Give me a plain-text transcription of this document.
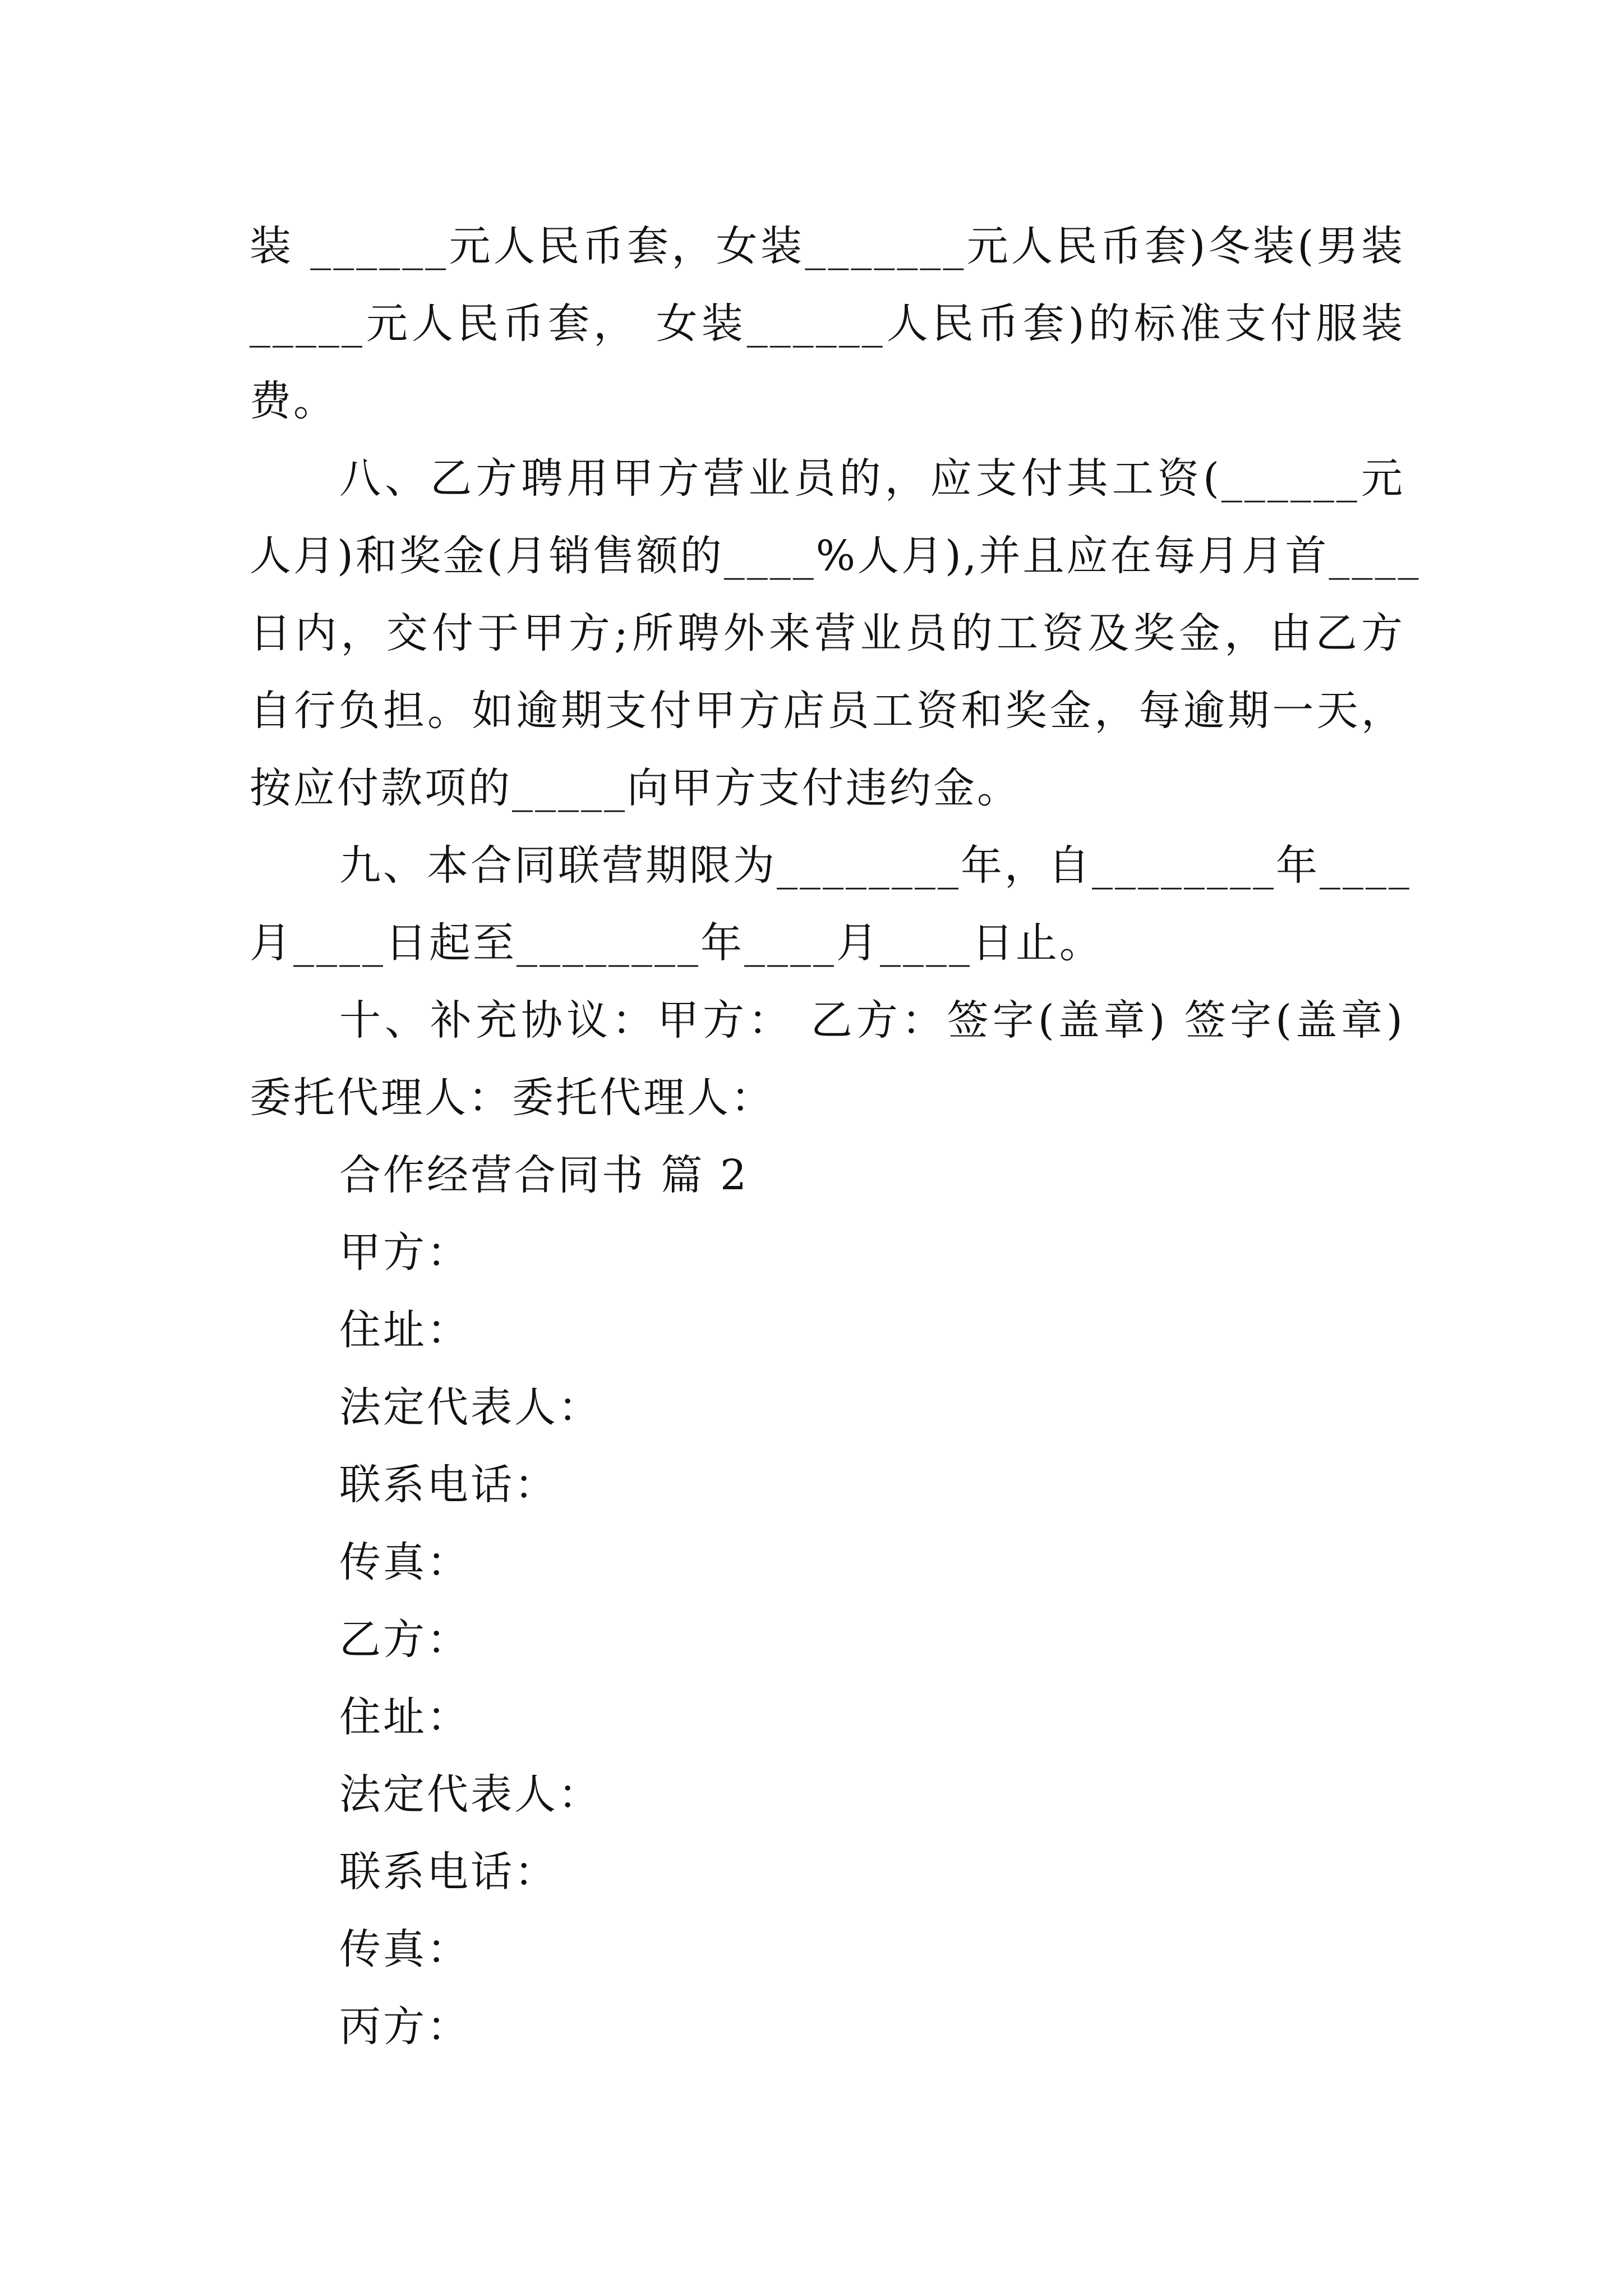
装 ______元人民币套，女装_______元人民币套)冬装(男装
_____元人民币套， 女装______人民币套)的标准支付服装
费。
八、乙方聘用甲方营业员的，应支付其工资(______元
人月)和奖金(月销售额的____%人月),并且应在每月月首____
日内，交付于甲方;所聘外来营业员的工资及奖金，由乙方
自行负担。如逾期支付甲方店员工资和奖金，每逾期一天，
按应付款项的_____向甲方支付违约金。
九、本合同联营期限为________年，自________年____
月____日起至________年____月____日止。
十、补充协议：甲方： 乙方：签字(盖章) 签字(盖章)
委托代理人：委托代理人：
合作经营合同书 篇 2
甲方：
住址：
法定代表人：
联系电话：
传真：
乙方：
住址：
法定代表人：
联系电话：
传真：
丙方：
